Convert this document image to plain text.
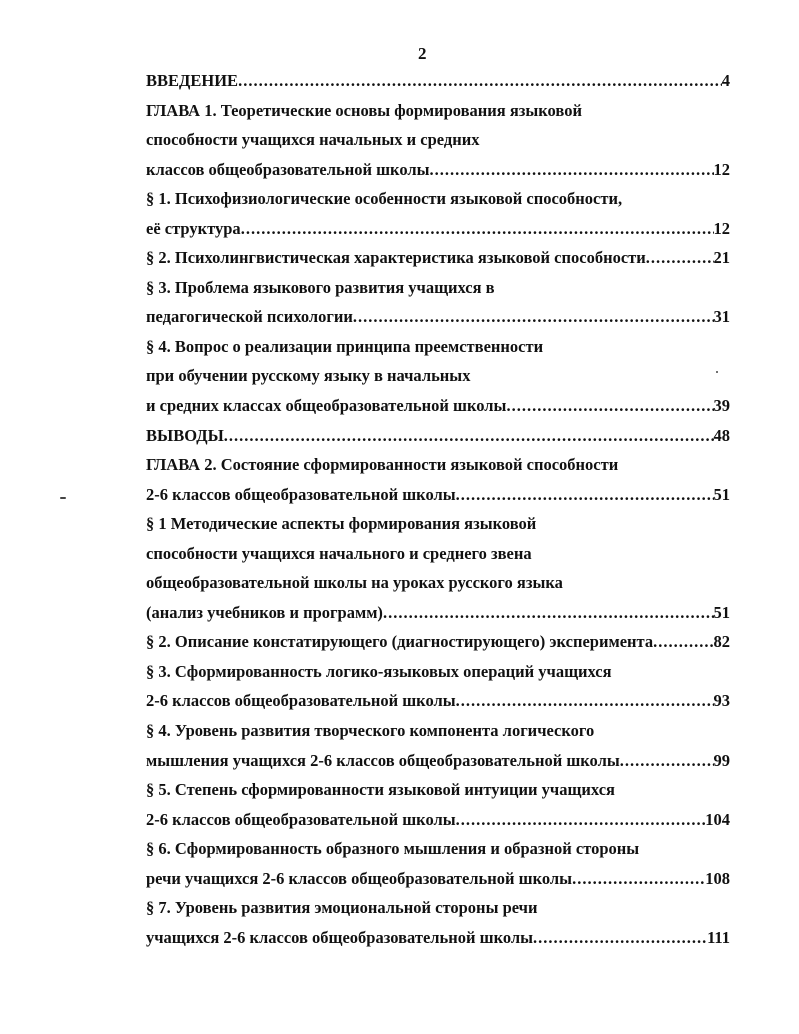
2
ВВЕДЕНИЕ .....	4
ГЛАВА 1. Теоретические основы формирования языковой
способности учащихся начальных и средних
классов общеобразовательной школы .....	12
§ 1. Психофизиологические особенности языковой способности,
её структура .....	12
§ 2. Психолингвистическая характеристика языковой способности .....	21
§ 3. Проблема языкового развития учащихся в
педагогической психологии .....	31
§ 4. Вопрос о реализации принципа преемственности
при обучении русскому языку в начальных
и средних классах общеобразовательной школы .....	39
ВЫВОДЫ .....	48
ГЛАВА 2. Состояние сформированности языковой способности
2-6 классов общеобразовательной школы .....	51
§ 1 Методические аспекты формирования языковой
способности учащихся начального и среднего звена
общеобразовательной школы на уроках русского языка
(анализ учебников и программ) .....	51
§ 2. Описание констатирующего (диагностирующего) эксперимента .....	82
§ 3. Сформированность логико-языковых операций учащихся
2-6 классов общеобразовательной школы .....	93
§ 4. Уровень развития творческого компонента логического
мышления учащихся 2-6 классов общеобразовательной школы .....	99
§ 5. Степень сформированности языковой интуиции учащихся
2-6 классов общеобразовательной школы .....	104
§ 6. Сформированность образного мышления и образной стороны
речи учащихся 2-6 классов общеобразовательной школы .....	108
§ 7. Уровень развития эмоциональной стороны речи
учащихся 2-6 классов общеобразовательной школы .....	111
